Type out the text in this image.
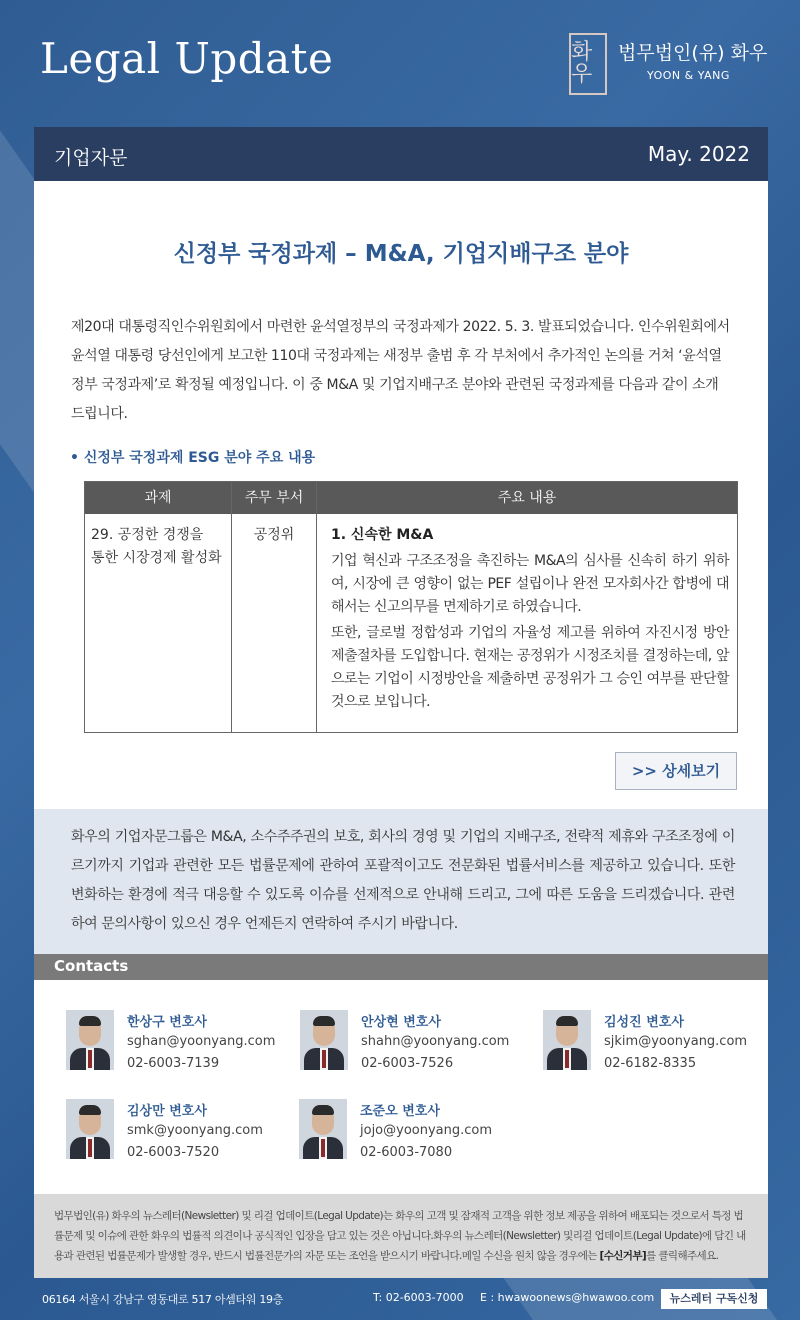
Legal Update	화우
법무법인(유) 화우
YOON & YANG
기업자문	May. 2022
신정부 국정과제 – M&A, 기업지배구조 분야
제20대 대통령직인수위원회에서 마련한 윤석열정부의 국정과제가 2022. 5. 3. 발표되었습니다. 인수위원회에서 윤석열 대통령 당선인에게 보고한 110대 국정과제는 새정부 출범 후 각 부처에서 추가적인 논의를 거쳐 ‘윤석열 정부 국정과제’로 확정될 예정입니다. 이 중 M&A 및 기업지배구조 분야와 관련된 국정과제를 다음과 같이 소개 드립니다.
• 신정부 국정과제 ESG 분야 주요 내용
과제	주무 부서	주요 내용
29. 공정한 경쟁을
통한 시장경제 활성화
공정위	1. 신속한 M&A
기업 혁신과 구조조정을 촉진하는 M&A의 심사를 신속히 하기 위하여, 시장에 큰 영향이 없는 PEF 설립이나 완전 모자회사간 합병에 대해서는 신고의무를 면제하기로 하였습니다.
또한, 글로벌 정합성과 기업의 자율성 제고를 위하여 자진시정 방안 제출절차를 도입합니다. 현재는 공정위가 시정조치를 결정하는데, 앞으로는 기업이 시정방안을 제출하면 공정위가 그 승인 여부를 판단할 것으로 보입니다.
>> 상세보기
화우의 기업자문그룹은 M&A, 소수주주권의 보호, 회사의 경영 및 기업의 지배구조, 전략적 제휴와 구조조정에 이르기까지 기업과 관련한 모든 법률문제에 관하여 포괄적이고도 전문화된 법률서비스를 제공하고 있습니다. 또한 변화하는 환경에 적극 대응할 수 있도록 이슈를 선제적으로 안내해 드리고, 그에 따른 도움을 드리겠습니다. 관련하여 문의사항이 있으신 경우 언제든지 연락하여 주시기 바랍니다.
Contacts
한상구 변호사
sghan@yoonyang.com
02-6003-7139
안상현 변호사
shahn@yoonyang.com
02-6003-7526
김성진 변호사
sjkim@yoonyang.com
02-6182-8335
김상만 변호사
smk@yoonyang.com
02-6003-7520
조준오 변호사
jojo@yoonyang.com
02-6003-7080
법무법인(유) 화우의 뉴스레터(Newsletter) 및 리걸 업데이트(Legal Update)는 화우의 고객 및 잠재적 고객을 위한 정보 제공을 위하여 배포되는 것으로서 특정 법률문제 및 이슈에 관한 화우의 법률적 의견이나 공식적인 입장을 담고 있는 것은 아닙니다.화우의 뉴스레터(Newsletter) 및리걸 업데이트(Legal Update)에 담긴 내용과 관련된 법률문제가 발생할 경우, 반드시 법률전문가의 자문 또는 조언을 받으시기 바랍니다.메일 수신을 원치 않을 경우에는 [수신거부]를 클릭해주세요.
06164 서울시 강남구 영동대로 517 아셈타워 19층	T: 02-6003-7000 E : hwawoonews@hwawoo.com	뉴스레터 구독신청
